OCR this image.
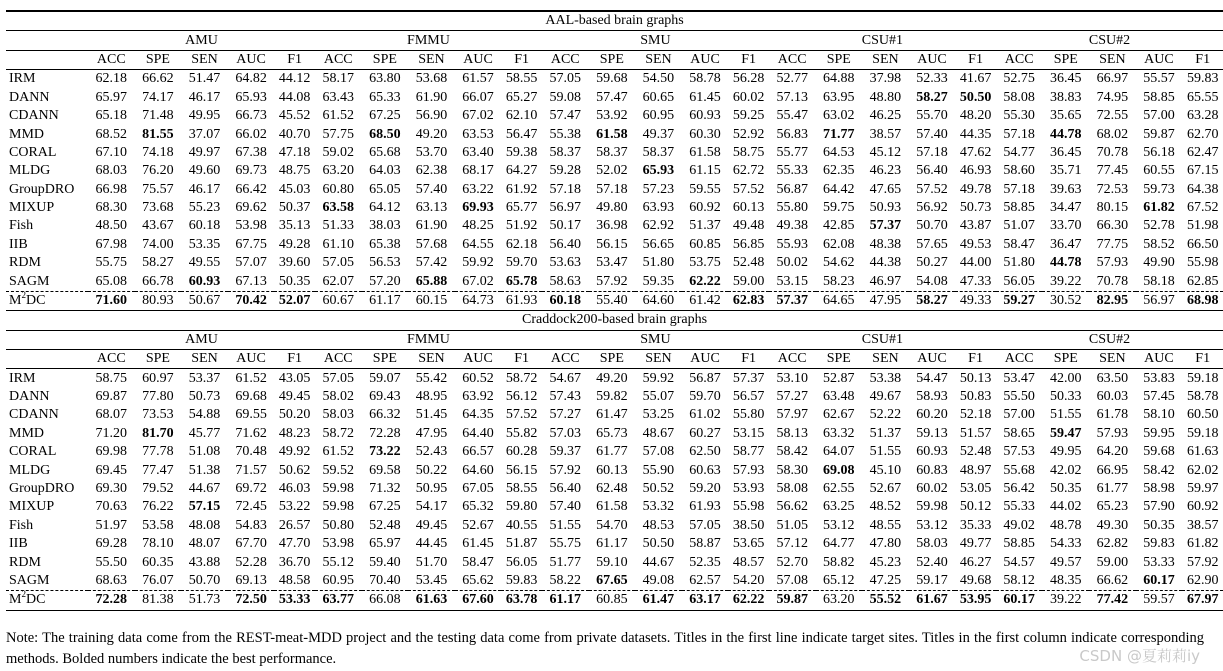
AAL-based brain graphs																									
	AMU					FMMU					SMU					CSU#1					CSU#2				
	ACC	SPE	SEN	AUC	F1	ACC	SPE	SEN	AUC	F1	ACC	SPE	SEN	AUC	F1	ACC	SPE	SEN	AUC	F1	ACC	SPE	SEN	AUC	F1
IRM	62.18	66.62	51.47	64.82	44.12	58.17	63.80	53.68	61.57	58.55	57.05	59.68	54.50	58.78	56.28	52.77	64.88	37.98	52.33	41.67	52.75	36.45	66.97	55.57	59.83
DANN	65.97	74.17	46.17	65.93	44.08	63.43	65.33	61.90	66.07	65.27	59.08	57.47	60.65	61.45	60.02	57.13	63.95	48.80	58.27	50.50	58.08	38.83	74.95	58.85	65.55
CDANN	65.18	71.48	49.95	66.73	45.52	61.52	67.25	56.90	67.02	62.10	57.47	53.92	60.95	60.93	59.25	55.47	63.02	46.25	55.70	48.20	55.30	35.65	72.55	57.00	63.28
MMD	68.52	81.55	37.07	66.02	40.70	57.75	68.50	49.20	63.53	56.47	55.38	61.58	49.37	60.30	52.92	56.83	71.77	38.57	57.40	44.35	57.18	44.78	68.02	59.87	62.70
CORAL	67.10	74.18	49.97	67.38	47.18	59.02	65.68	53.70	63.40	59.38	58.37	58.37	58.37	61.58	58.75	55.77	64.53	45.12	57.18	47.62	54.77	36.45	70.78	56.18	62.47
MLDG	68.03	76.20	49.60	69.73	48.75	63.20	64.03	62.38	68.17	64.27	59.28	52.02	65.93	61.15	62.72	55.33	62.35	46.23	56.40	46.93	58.60	35.71	77.45	60.55	67.15
GroupDRO	66.98	75.57	46.17	66.42	45.03	60.80	65.05	57.40	63.22	61.92	57.18	57.18	57.23	59.55	57.52	56.87	64.42	47.65	57.52	49.78	57.18	39.63	72.53	59.73	64.38
MIXUP	68.30	73.68	55.23	69.62	50.37	63.58	64.12	63.13	69.93	65.77	56.97	49.80	63.93	60.92	60.13	55.80	59.75	50.93	56.92	50.73	58.85	34.47	80.15	61.82	67.52
Fish	48.50	43.67	60.18	53.98	35.13	51.33	38.03	61.90	48.25	51.92	50.17	36.98	62.92	51.37	49.48	49.38	42.85	57.37	50.70	43.87	51.07	33.70	66.30	52.78	51.98
IIB	67.98	74.00	53.35	67.75	49.28	61.10	65.38	57.68	64.55	62.18	56.40	56.15	56.65	60.85	56.85	55.93	62.08	48.38	57.65	49.53	58.47	36.47	77.75	58.52	66.50
RDM	55.75	58.27	49.55	57.07	39.60	57.05	56.53	57.42	59.92	59.70	53.63	53.47	51.80	53.75	52.48	50.02	54.62	44.38	50.27	44.00	51.80	44.78	57.93	49.90	55.98
SAGM	65.08	66.78	60.93	67.13	50.35	62.07	57.20	65.88	67.02	65.78	58.63	57.92	59.35	62.22	59.00	53.15	58.23	46.97	54.08	47.33	56.05	39.22	70.78	58.18	62.85
$M^2DC$	71.60	80.93	50.67	70.42	52.07	60.67	61.17	60.15	64.73	61.93	60.18	55.40	64.60	61.42	62.83	57.37	64.65	47.95	58.27	49.33	59.27	30.52	82.95	56.97	68.98
Craddock200-based brain graphs																									
	AMU					FMMU					SMU					CSU#1					CSU#2				
	ACC	SPE	SEN	AUC	F1	ACC	SPE	SEN	AUC	F1	ACC	SPE	SEN	AUC	F1	ACC	SPE	SEN	AUC	F1	ACC	SPE	SEN	AUC	F1
IRM	58.75	60.97	53.37	61.52	43.05	57.05	59.07	55.42	60.52	58.72	54.67	49.20	59.92	56.87	57.37	53.10	52.87	53.38	54.47	50.13	53.47	42.00	63.50	53.83	59.18
DANN	69.87	77.80	50.73	69.68	49.45	58.02	69.43	48.95	63.92	56.12	57.43	59.82	55.07	59.70	56.57	57.27	63.48	49.67	58.93	50.83	55.50	50.33	60.03	57.45	58.78
CDANN	68.07	73.53	54.88	69.55	50.20	58.03	66.32	51.45	64.35	57.52	57.27	61.47	53.25	61.02	55.80	57.97	62.67	52.22	60.20	52.18	57.00	51.55	61.78	58.10	60.50
MMD	71.20	81.70	45.77	71.62	48.23	58.72	72.28	47.95	64.40	55.82	57.03	65.73	48.67	60.27	53.15	58.13	63.32	51.37	59.13	51.57	58.65	59.47	57.93	59.95	59.18
CORAL	69.98	77.78	51.08	70.48	49.92	61.52	73.22	52.43	66.57	60.28	59.37	61.77	57.08	62.50	58.77	58.42	64.07	51.55	60.93	52.48	57.53	49.95	64.20	59.68	61.63
MLDG	69.45	77.47	51.38	71.57	50.62	59.52	69.58	50.22	64.60	56.15	57.92	60.13	55.90	60.63	57.93	58.30	69.08	45.10	60.83	48.97	55.68	42.02	66.95	58.42	62.02
GroupDRO	69.30	79.52	44.67	69.72	46.03	59.98	71.32	50.95	67.05	58.55	56.40	62.48	50.52	59.20	53.93	58.08	62.55	52.67	60.02	53.05	56.42	50.35	61.77	58.98	59.97
MIXUP	70.63	76.22	57.15	72.45	53.22	59.98	67.25	54.17	65.32	59.80	57.40	61.58	53.32	61.93	55.98	56.62	63.25	48.52	59.98	50.12	55.33	44.02	65.23	57.90	60.92
Fish	51.97	53.58	48.08	54.83	26.57	50.80	52.48	49.45	52.67	40.55	51.55	54.70	48.53	57.05	38.50	51.05	53.12	48.55	53.12	35.33	49.02	48.78	49.30	50.35	38.57
IIB	69.28	78.10	48.07	67.70	47.70	53.98	65.97	44.45	61.45	51.87	55.75	61.17	50.50	58.87	53.65	57.12	64.77	47.80	58.03	49.77	58.85	54.33	62.82	59.83	61.82
RDM	55.50	60.35	43.88	52.28	36.70	55.12	59.40	51.70	58.47	56.05	51.77	59.10	44.67	52.35	48.57	52.70	58.82	45.23	52.40	46.27	54.57	49.57	59.00	53.33	57.92
SAGM	68.63	76.07	50.70	69.13	48.58	60.95	70.40	53.45	65.62	59.83	58.22	67.65	49.08	62.57	54.20	57.08	65.12	47.25	59.17	49.68	58.12	48.35	66.62	60.17	62.90
$M^2DC$	72.28	81.38	51.73	72.50	53.33	63.77	66.08	61.63	67.60	63.78	61.17	60.85	61.47	63.17	62.22	59.87	63.20	55.52	61.67	53.95	60.17	39.22	77.42	59.57	67.97
Note: The training data come from the REST-meat-MDD project and the testing data come from private datasets. Titles in the first line indicate target sites. Titles in the first column indicate corresponding methods. Bolded numbers indicate the best performance.	CSDN @夏莉莉iy
